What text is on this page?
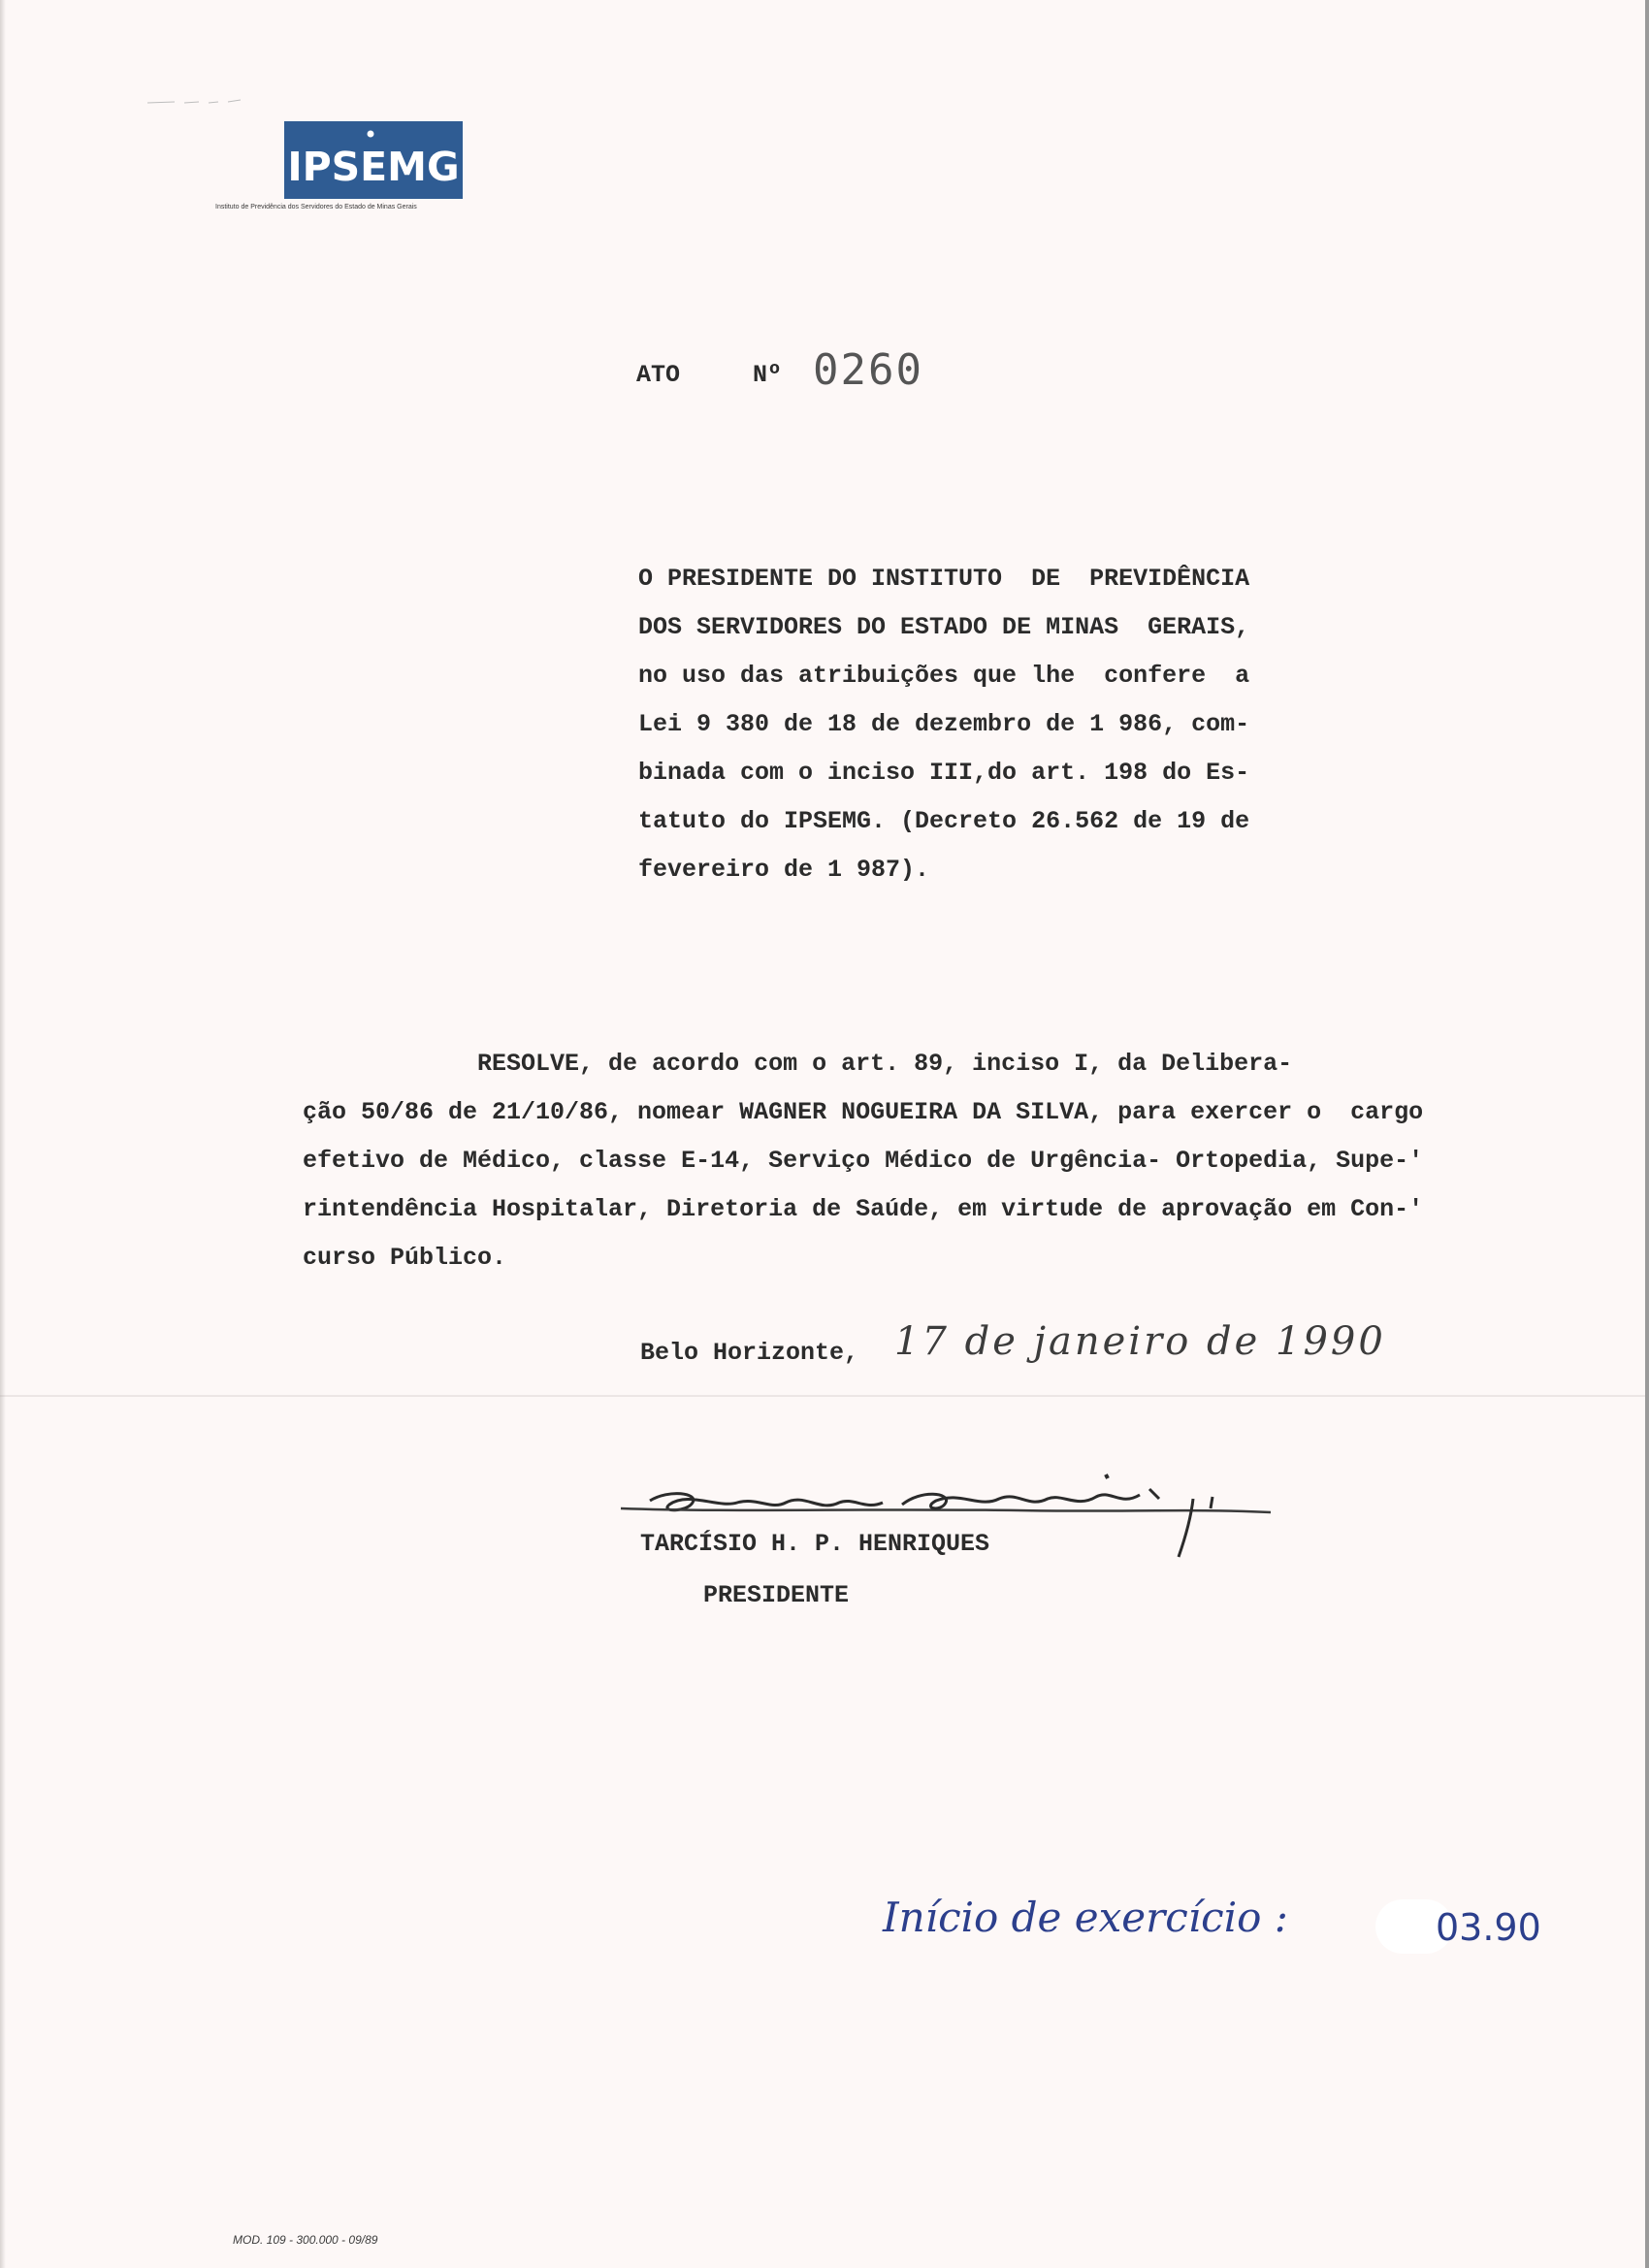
IPSEMG
Instituto de Previdência dos Servidores do Estado de Minas Gerais
ATO	Nº 0260
O PRESIDENTE DO INSTITUTO  DE  PREVIDÊNCIA
DOS SERVIDORES DO ESTADO DE MINAS  GERAIS,
no uso das atribuições que lhe  confere  a
Lei 9 380 de 18 de dezembro de 1 986, com-
binada com o inciso III,do art. 198 do Es-
tatuto do IPSEMG. (Decreto 26.562 de 19 de
fevereiro de 1 987).
RESOLVE, de acordo com o art. 89, inciso I, da Delibera-
ção 50/86 de 21/10/86, nomear WAGNER NOGUEIRA DA SILVA, para exercer o  cargo
efetivo de Médico, classe E-14, Serviço Médico de Urgência- Ortopedia, Supe-'
rintendência Hospitalar, Diretoria de Saúde, em virtude de aprovação em Con-'
curso Público.
Belo Horizonte, 17 de janeiro de 1990
TARCÍSIO H. P. HENRIQUES
PRESIDENTE
Início de exercício :	03.90
MOD. 109 - 300.000 - 09/89
